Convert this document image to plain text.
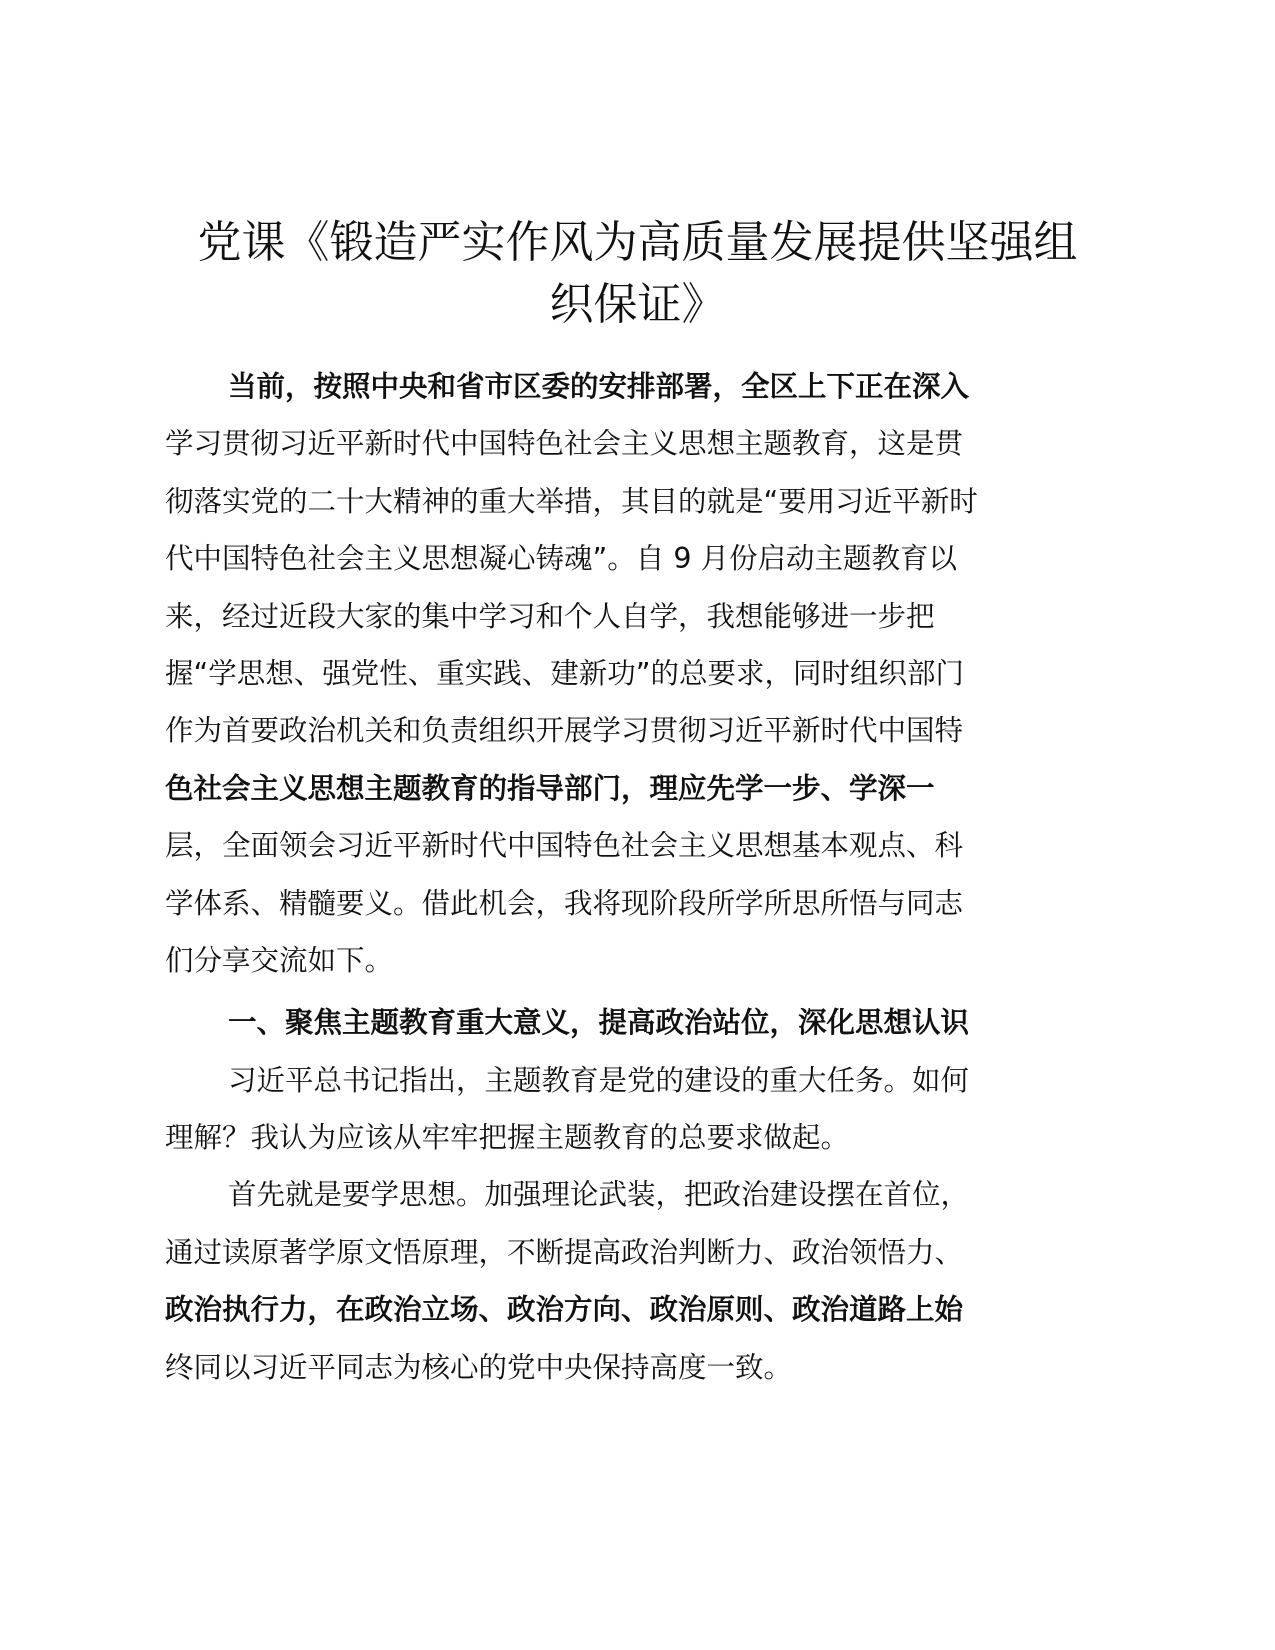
党课《锻造严实作风为高质量发展提供坚强组
织保证》
当前，按照中央和省市区委的安排部署，全区上下正在深入
学习贯彻习近平新时代中国特色社会主义思想主题教育，这是贯
彻落实党的二十大精神的重大举措，其目的就是“要用习近平新时
代中国特色社会主义思想凝心铸魂”。自 9 月份启动主题教育以
来，经过近段大家的集中学习和个人自学，我想能够进一步把
握“学思想、强党性、重实践、建新功”的总要求，同时组织部门
作为首要政治机关和负责组织开展学习贯彻习近平新时代中国特
色社会主义思想主题教育的指导部门，理应先学一步、学深一
层，全面领会习近平新时代中国特色社会主义思想基本观点、科
学体系、精髓要义。借此机会，我将现阶段所学所思所悟与同志
们分享交流如下。
一、聚焦主题教育重大意义，提高政治站位，深化思想认识
习近平总书记指出，主题教育是党的建设的重大任务。如何
理解？我认为应该从牢牢把握主题教育的总要求做起。
首先就是要学思想。加强理论武装，把政治建设摆在首位，
通过读原著学原文悟原理，不断提高政治判断力、政治领悟力、
政治执行力，在政治立场、政治方向、政治原则、政治道路上始
终同以习近平同志为核心的党中央保持高度一致。
